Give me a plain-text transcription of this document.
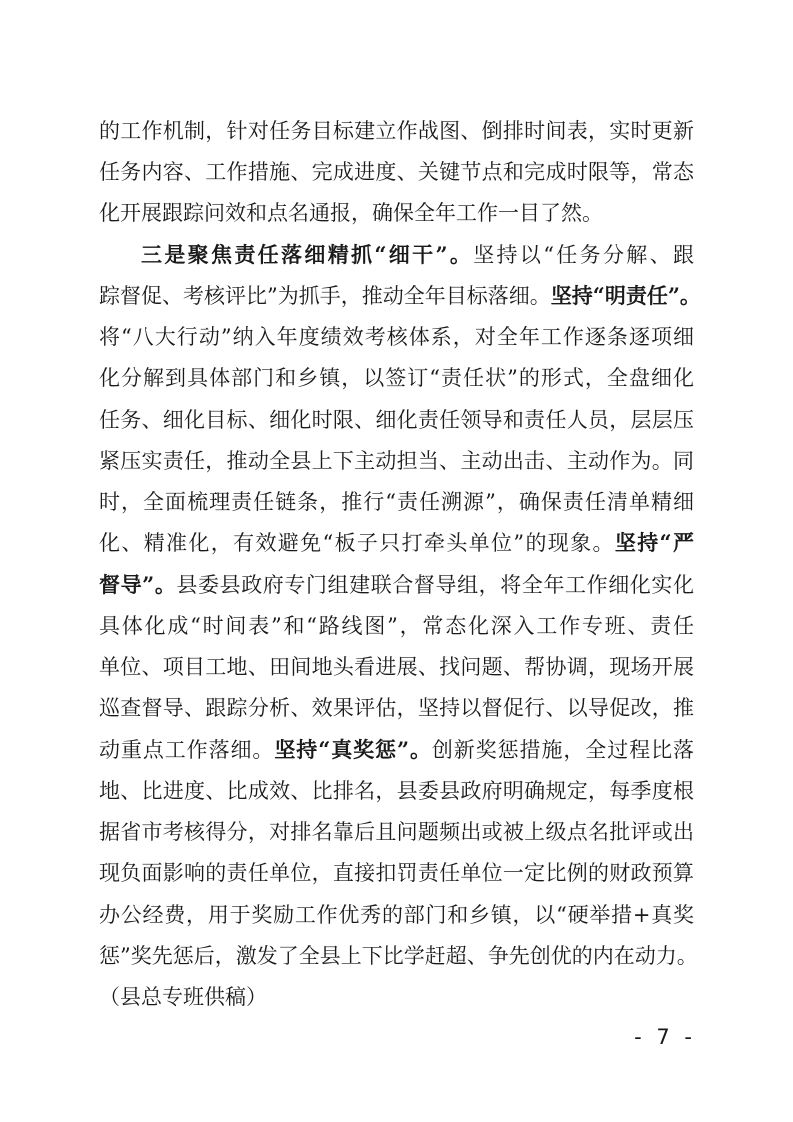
的工作机制，针对任务目标建立作战图、倒排时间表，实时更新
任务内容、工作措施、完成进度、关键节点和完成时限等，常态
化开展跟踪问效和点名通报，确保全年工作一目了然。
三是聚焦责任落细精抓“细干”。坚持以“任务分解、跟
踪督促、考核评比”为抓手，推动全年目标落细。坚持“明责任”。
将“八大行动”纳入年度绩效考核体系，对全年工作逐条逐项细
化分解到具体部门和乡镇，以签订“责任状”的形式，全盘细化
任务、细化目标、细化时限、细化责任领导和责任人员，层层压
紧压实责任，推动全县上下主动担当、主动出击、主动作为。同
时，全面梳理责任链条，推行“责任溯源”，确保责任清单精细
化、精准化，有效避免“板子只打牵头单位”的现象。坚持“严
督导”。县委县政府专门组建联合督导组，将全年工作细化实化
具体化成“时间表”和“路线图”，常态化深入工作专班、责任
单位、项目工地、田间地头看进展、找问题、帮协调，现场开展
巡查督导、跟踪分析、效果评估，坚持以督促行、以导促改，推
动重点工作落细。坚持“真奖惩”。创新奖惩措施，全过程比落
地、比进度、比成效、比排名，县委县政府明确规定，每季度根
据省市考核得分，对排名靠后且问题频出或被上级点名批评或出
现负面影响的责任单位，直接扣罚责任单位一定比例的财政预算
办公经费，用于奖励工作优秀的部门和乡镇，以“硬举措+真奖
惩”奖先惩后，激发了全县上下比学赶超、争先创优的内在动力。
（县总专班供稿）
- 7 -
